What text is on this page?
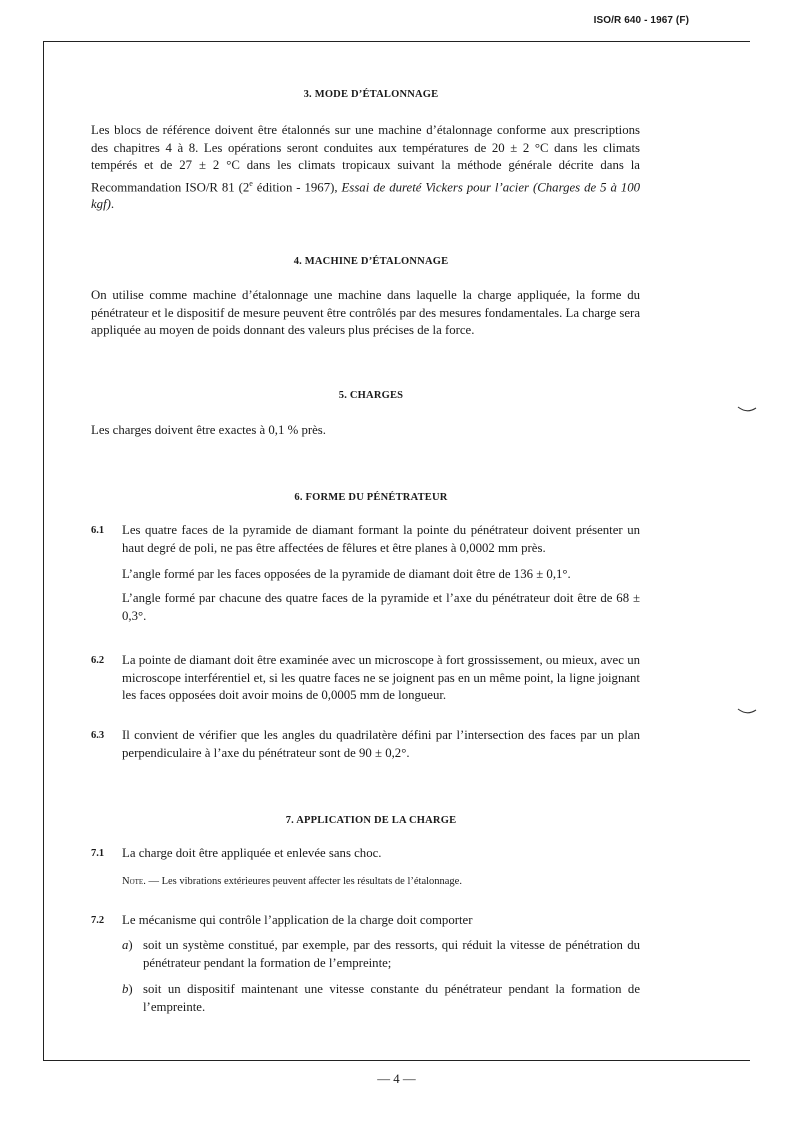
ISO/R 640 - 1967 (F)
3. MODE D’ÉTALONNAGE
Les blocs de référence doivent être étalonnés sur une machine d’étalonnage conforme aux prescriptions des chapitres 4 à 8. Les opérations seront conduites aux températures de 20 ± 2 °C dans les climats tempérés et de 27 ± 2 °C dans les climats tropicaux suivant la méthode générale décrite dans la Recommandation ISO/R 81 (2e édition - 1967), Essai de dureté Vickers pour l’acier (Charges de 5 à 100 kgf).
4. MACHINE D’ÉTALONNAGE
On utilise comme machine d’étalonnage une machine dans laquelle la charge appliquée, la forme du pénétrateur et le dispositif de mesure peuvent être contrôlés par des mesures fondamentales. La charge sera appliquée au moyen de poids donnant des valeurs plus précises de la force.
5. CHARGES
Les charges doivent être exactes à 0,1 % près.
6. FORME DU PÉNÉTRATEUR
6.1 Les quatre faces de la pyramide de diamant formant la pointe du pénétrateur doivent présenter un haut degré de poli, ne pas être affectées de fêlures et être planes à 0,0002 mm près.
L’angle formé par les faces opposées de la pyramide de diamant doit être de 136 ± 0,1°.
L’angle formé par chacune des quatre faces de la pyramide et l’axe du pénétrateur doit être de 68 ± 0,3°.
6.2 La pointe de diamant doit être examinée avec un microscope à fort grossissement, ou mieux, avec un microscope interférentiel et, si les quatre faces ne se joignent pas en un même point, la ligne joignant les faces opposées doit avoir moins de 0,0005 mm de longueur.
6.3 Il convient de vérifier que les angles du quadrilatère défini par l’intersection des faces par un plan perpendiculaire à l’axe du pénétrateur sont de 90 ± 0,2°.
7. APPLICATION DE LA CHARGE
7.1 La charge doit être appliquée et enlevée sans choc.
Note. — Les vibrations extérieures peuvent affecter les résultats de l’étalonnage.
7.2 Le mécanisme qui contrôle l’application de la charge doit comporter
a) soit un système constitué, par exemple, par des ressorts, qui réduit la vitesse de pénétration du pénétrateur pendant la formation de l’empreinte;
b) soit un dispositif maintenant une vitesse constante du pénétrateur pendant la formation de l’empreinte.
— 4 —
